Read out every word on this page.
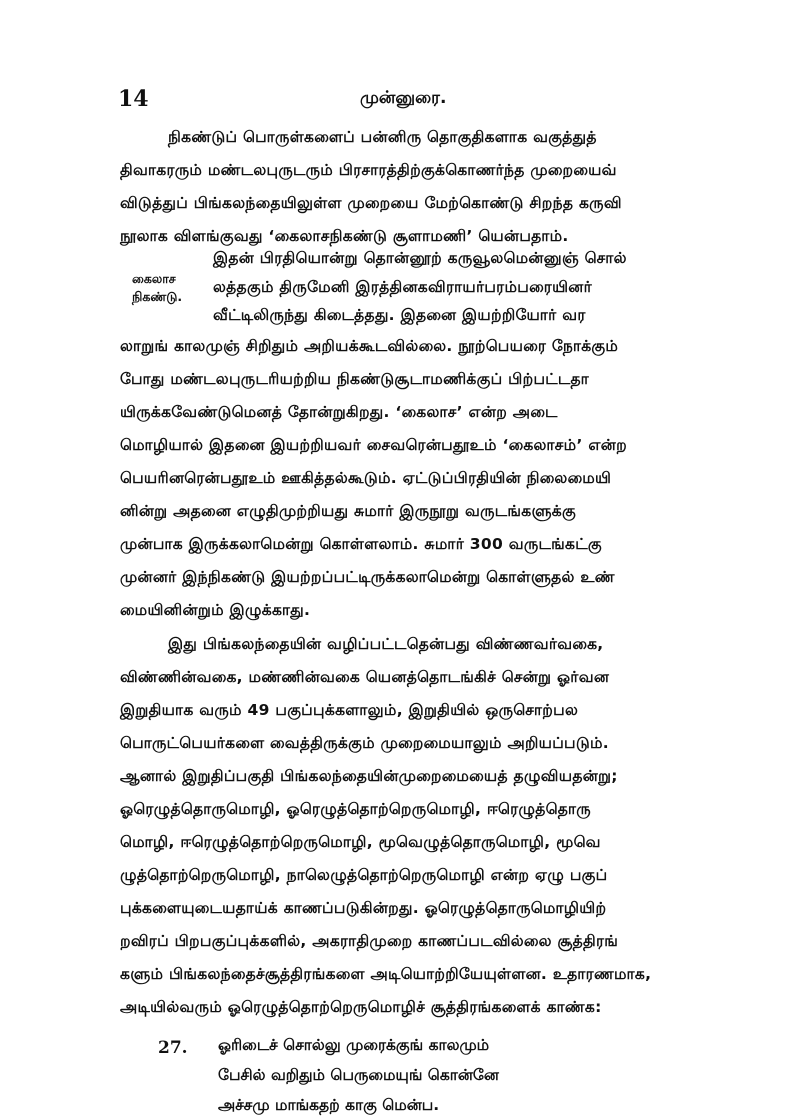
14	முன்னுரை.
நிகண்டுப் பொருள்களைப் பன்னிரு தொகுதிகளாக வகுத்துத்
திவாகரரும் மண்டலபுருடரும் பிரசாரத்திற்குக்கொணர்ந்த முறையைவ்
விடுத்துப் பிங்கலந்தையிலுள்ள முறையை மேற்கொண்டு சிறந்த கருவி
நூலாக விளங்குவது ‘கைலாசநிகண்டு சூளாமணி’ யென்பதாம்.
இதன் பிரதியொன்று தொன்னூற் கருவூலமென்னுஞ் சொல்
லத்தகும் திருமேனி இரத்தினகவிராயர்பரம்பரையினர்
வீட்டிலிருந்து கிடைத்தது. இதனை இயற்றியோர் வர
லாறுங் காலமுஞ் சிறிதும் அறியக்கூடவில்லை. நூற்பெயரை நோக்கும்
போது மண்டலபுருடரியற்றிய நிகண்டுசூடாமணிக்குப் பிற்பட்டதா
யிருக்கவேண்டுமெனத் தோன்றுகிறது. ‘கைலாச’ என்ற அடை
மொழியால் இதனை இயற்றியவர் சைவரென்பதூஉம் ‘கைலாசம்’ என்ற
பெயரினரென்பதூஉம் ஊகித்தல்கூடும். ஏட்டுப்பிரதியின் நிலைமையி
னின்று அதனை எழுதிமுற்றியது சுமார் இருநூறு வருடங்களுக்கு
முன்பாக இருக்கலாமென்று கொள்ளலாம். சுமார் 300 வருடங்கட்கு
முன்னர் இந்நிகண்டு இயற்றப்பட்டிருக்கலாமென்று கொள்ளுதல் உண்
மையினின்றும் இழுக்காது.
கைலாச
நிகண்டு.
இது பிங்கலந்தையின் வழிப்பட்டதென்பது விண்ணவர்வகை,
விண்ணின்வகை, மண்ணின்வகை யெனத்தொடங்கிச் சென்று ஓர்வன
இறுதியாக வரும் 49 பகுப்புக்களாலும், இறுதியில் ஒருசொற்பல
பொருட்பெயர்களை வைத்திருக்கும் முறைமையாலும் அறியப்படும்.
ஆனால் இறுதிப்பகுதி பிங்கலந்தையின்முறைமையைத் தழுவியதன்று;
ஓரெழுத்தொருமொழி, ஓரெழுத்தொற்றெருமொழி, ஈரெழுத்தொரு
மொழி, ஈரெழுத்தொற்றெருமொழி, மூவெழுத்தொருமொழி, மூவெ
ழுத்தொற்றெருமொழி, நாலெழுத்தொற்றெருமொழி என்ற ஏழு பகுப்
புக்களையுடையதாய்க் காணப்படுகின்றது. ஓரெழுத்தொருமொழியிற்
றவிரப் பிறபகுப்புக்களில், அகராதிமுறை காணப்படவில்லை சூத்திரங்
களும் பிங்கலந்தைச்சூத்திரங்களை அடியொற்றியேயுள்ளன. உதாரணமாக,
அடியில்வரும் ஓரெழுத்தொற்றெருமொழிச் சூத்திரங்களைக் காண்க:
27. ஓரிடைச் சொல்லு முரைக்குங் காலமும்
பேசில் வறிதும் பெருமையுங் கொன்னே
அச்சமு மாங்கதற் காகு மென்ப.
